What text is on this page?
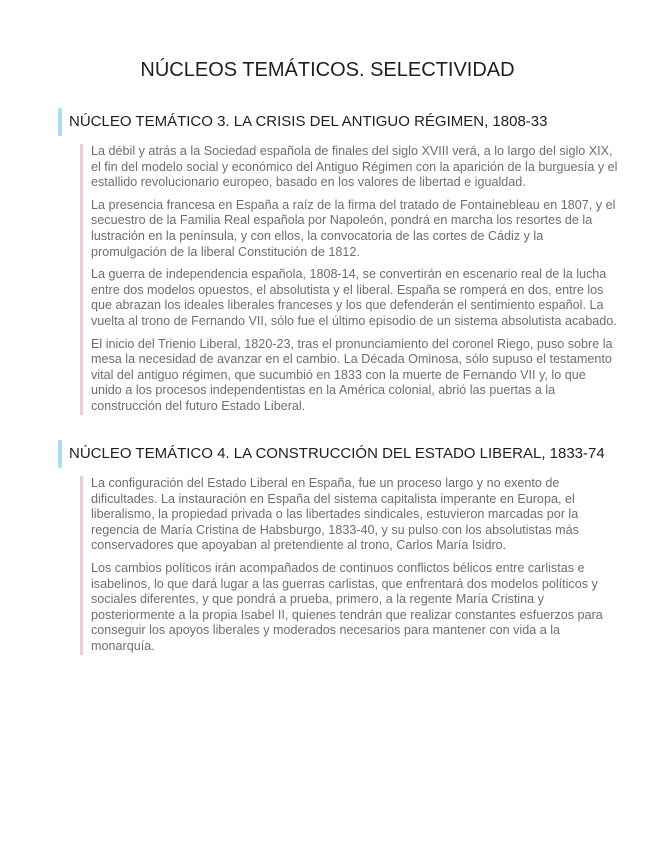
NÚCLEOS TEMÁTICOS. SELECTIVIDAD
NÚCLEO TEMÁTICO 3. LA CRISIS DEL ANTIGUO RÉGIMEN, 1808-33

La débil y atrás a la Sociedad española de finales del siglo XVIII verá, a lo largo del siglo XIX, el fin del modelo social y económico del Antiguo Régimen con la aparición de la burguesía y el estallido revolucionario europeo, basado en los valores de libertad e igualdad.

La presencia francesa en España a raíz de la firma del tratado de Fontainebleau en 1807, y el secuestro de la Familia Real española por Napoleón, pondrá en marcha los resortes de la lustración en la península, y con ellos, la convocatoria de las cortes de Cádiz y la promulgación de la liberal Constitución de 1812.

La guerra de independencia española, 1808-14, se convertirán en escenario real de la lucha entre dos modelos opuestos, el absolutista y el liberal. España se romperá en dos, entre los que abrazan los ideales liberales franceses y los que defenderán el sentimiento español. La vuelta al trono de Fernando VII, sólo fue el último episodio de un sistema absolutista acabado.

El inicio del Trienio Liberal, 1820-23, tras el pronunciamiento del coronel Riego, puso sobre la mesa la necesidad de avanzar en el cambio. La Década Ominosa, sólo supuso el testamento vital del antiguo régimen, que sucumbió en 1833 con la muerte de Fernando VII y, lo que unido a los procesos independentistas en la América colonial, abrió las puertas a la construcción del futuro Estado Liberal.

NÚCLEO TEMÁTICO 4. LA CONSTRUCCIÓN DEL ESTADO LIBERAL, 1833-74

La configuración del Estado Liberal en España, fue un proceso largo y no exento de dificultades. La instauración en España del sistema capitalista imperante en Europa, el liberalismo, la propiedad privada o las libertades sindicales, estuvieron marcadas por la regencia de María Cristina de Habsburgo, 1833-40, y su pulso con los absolutistas más conservadores que apoyaban al pretendiente al trono, Carlos María Isidro.

Los cambios políticos irán acompañados de continuos conflictos bélicos entre carlistas e isabelinos, lo que dará lugar a las guerras carlistas, que enfrentará dos modelos políticos y sociales diferentes, y que pondrá a prueba, primero, a la regente María Cristina y posteriormente a la propia Isabel II, quienes tendrán que realizar constantes esfuerzos para conseguir los apoyos liberales y moderados necesarios para mantener con vida a la monarquía.
